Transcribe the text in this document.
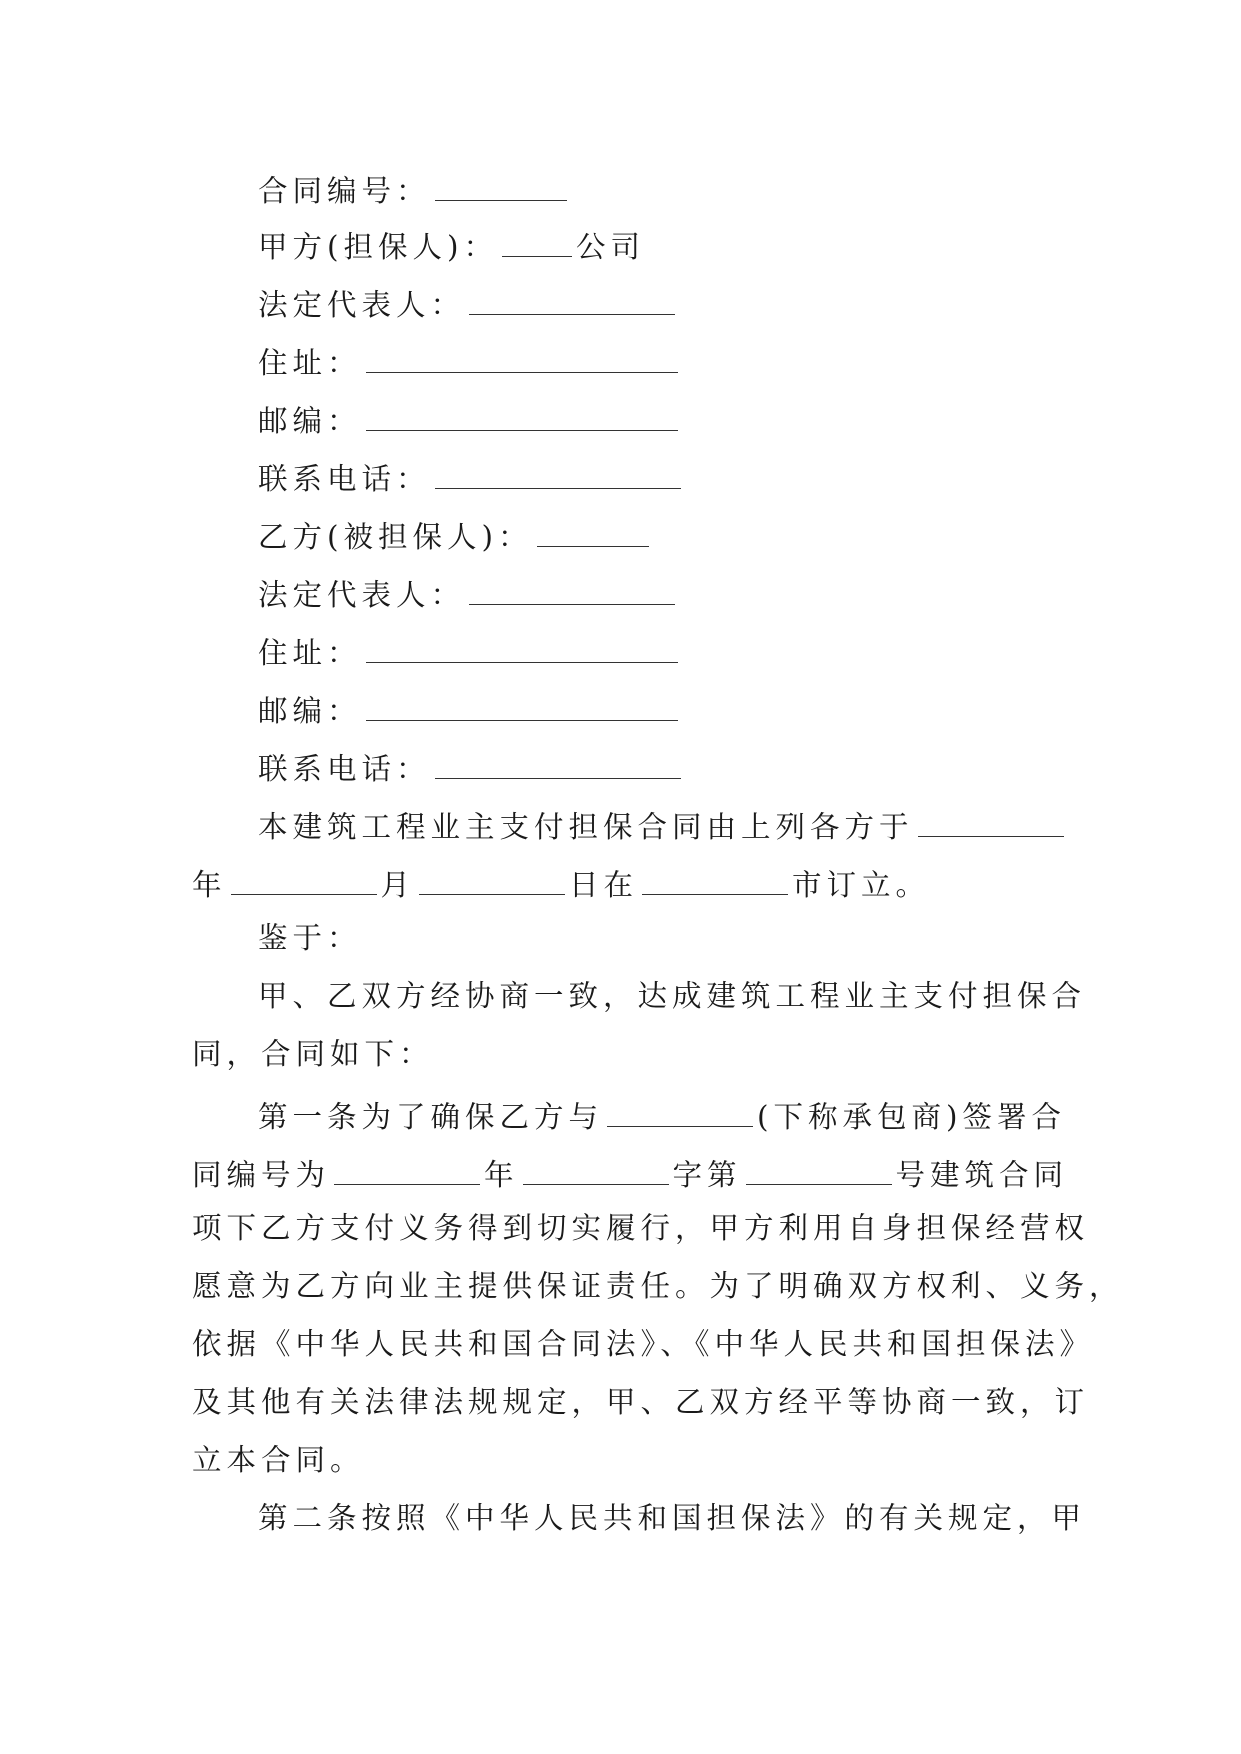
合同编号：
甲方(担保人)：	公司
法定代表人：
住址：
邮编：
联系电话：
乙方(被担保人)：
法定代表人：
住址：
邮编：
联系电话：
本建筑工程业主支付担保合同由上列各方于
年	月	日在	市订立。
鉴于：
甲、乙双方经协商一致，达成建筑工程业主支付担保合
同，合同如下：
第一条为了确保乙方与	(下称承包商)签署合
同编号为	年	字第	号建筑合同
项下乙方支付义务得到切实履行，甲方利用自身担保经营权
愿意为乙方向业主提供保证责任。为了明确双方权利、义务，
依据《中华人民共和国合同法》、《中华人民共和国担保法》
及其他有关法律法规规定，甲、乙双方经平等协商一致，订
立本合同。
第二条按照《中华人民共和国担保法》的有关规定，甲
